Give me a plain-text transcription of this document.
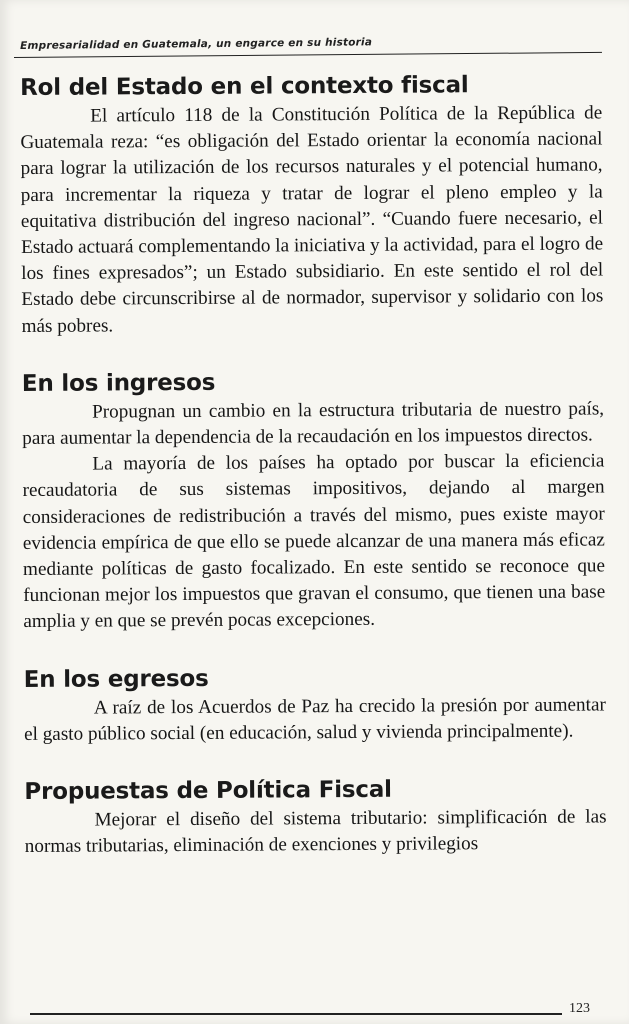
Empresarialidad en Guatemala, un engarce en su historia
Rol del Estado en el contexto fiscal

El artículo 118 de la Constitución Política de la República de Guatemala reza: “es obligación del Estado orientar la economía nacional para lograr la utilización de los recursos naturales y el potencial humano, para incrementar la riqueza y tratar de lograr el pleno empleo y la equitativa distribución del ingreso nacional”. “Cuando fuere necesario, el Estado actuará complementando la iniciativa y la actividad, para el logro de los fines expresados”; un Estado subsidiario. En este sentido el rol del Estado debe circunscribirse al de normador, supervisor y solidario con los más pobres.

En los ingresos

Propugnan un cambio en la estructura tributaria de nuestro país, para aumentar la dependencia de la recaudación en los impuestos directos.

La mayoría de los países ha optado por buscar la eficiencia recaudatoria de sus sistemas impositivos, dejando al margen consideraciones de redistribución a través del mismo, pues existe mayor evidencia empírica de que ello se puede alcanzar de una manera más eficaz mediante políticas de gasto focalizado. En este sentido se reconoce que funcionan mejor los impuestos que gravan el consumo, que tienen una base amplia y en que se prevén pocas excepciones.

En los egresos

A raíz de los Acuerdos de Paz ha crecido la presión por aumentar el gasto público social (en educación, salud y vivienda principalmente).

Propuestas de Política Fiscal

Mejorar el diseño del sistema tributario: simplificación de las normas tributarias, eliminación de exenciones y privilegios

123
